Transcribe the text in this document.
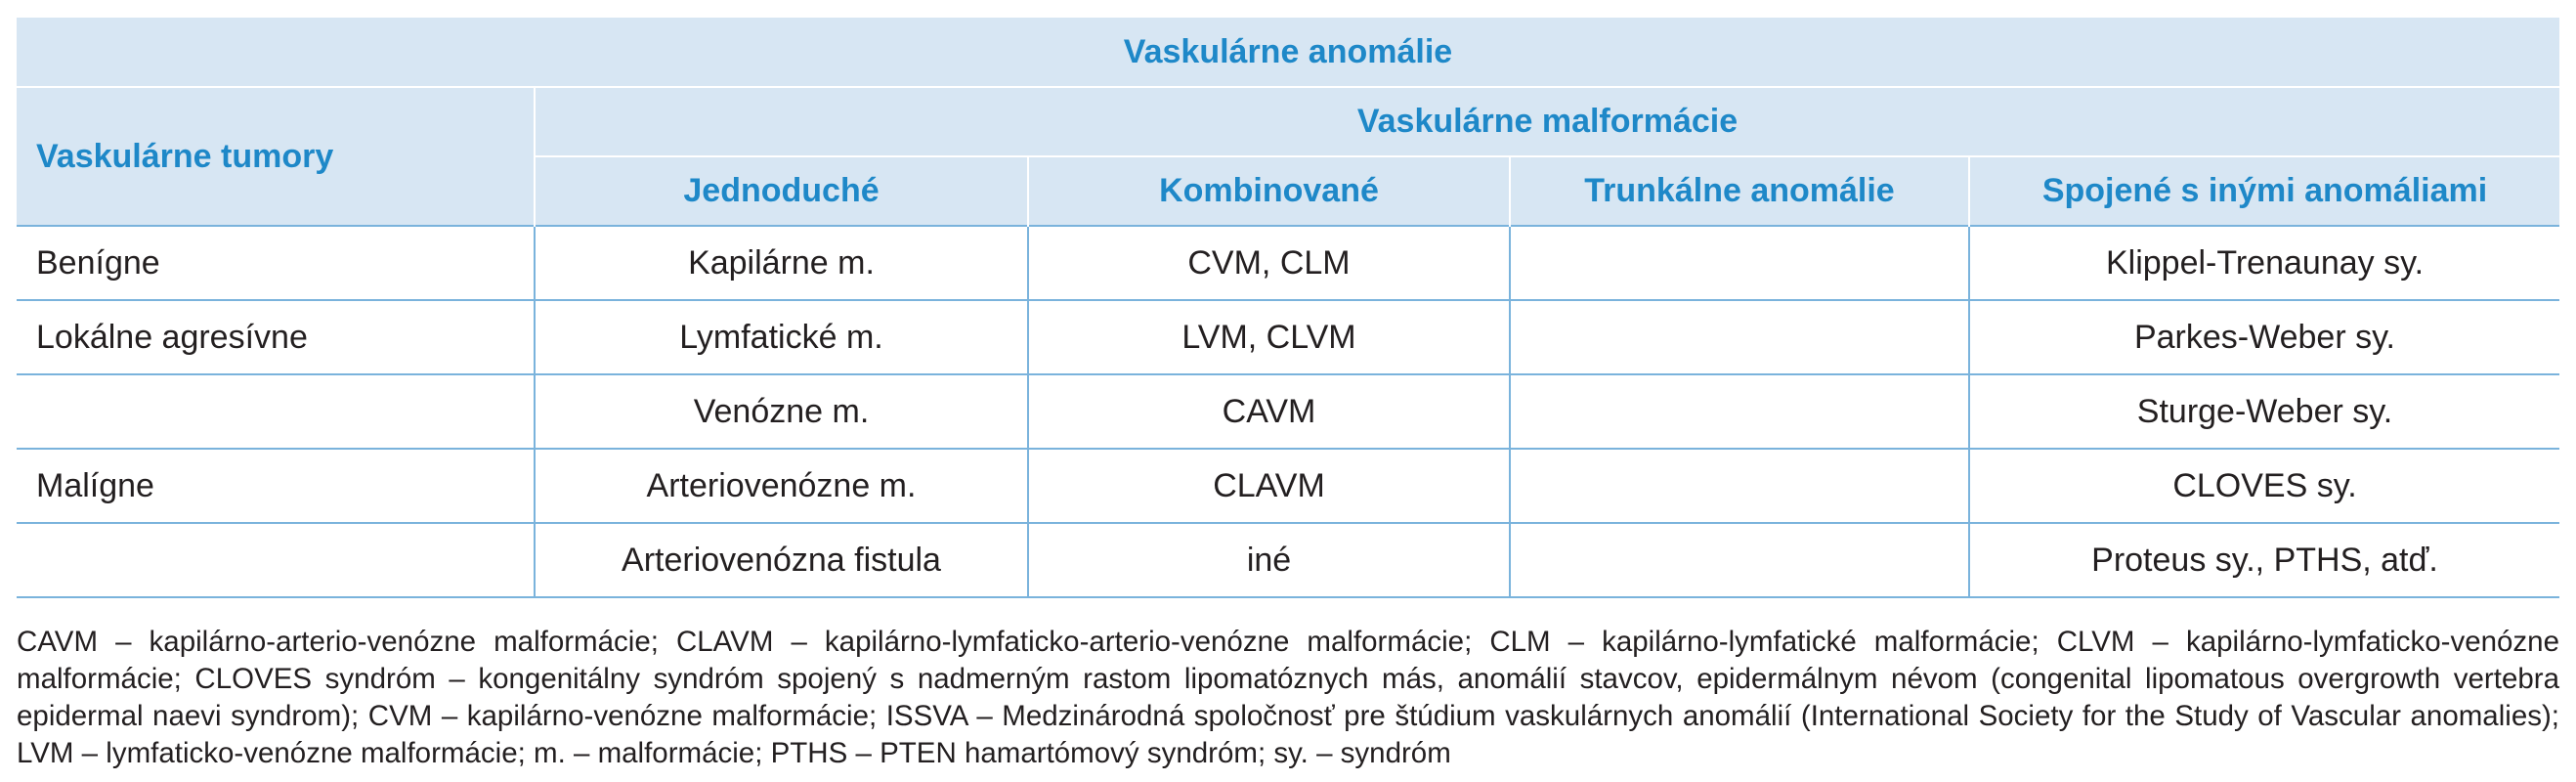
Vaskulárne anomálie				
Vaskulárne tumory	Vaskulárne malformácie			
	Jednoduché	Kombinované	Trunkálne anomálie	Spojené s inými anomáliami
Benígne	Kapilárne m.	CVM, CLM		Klippel-Trenaunay sy.
Lokálne agresívne	Lymfatické m.	LVM, CLVM		Parkes-Weber sy.
	Venózne m.	CAVM		Sturge-Weber sy.
Malígne	Arteriovenózne m.	CLAVM		CLOVES sy.
	Arteriovenózna fistula	iné		Proteus sy., PTHS, atď.
CAVM – kapilárno-arterio-venózne malformácie; CLAVM – kapilárno-lymfaticko-arterio-venózne malformácie; CLM – kapilárno-lymfatické malformácie; CLVM – kapilárno-lymfaticko-venózne malformácie; CLOVES syndróm – kongenitálny syndróm spojený s nadmerným rastom lipomatóznych más, anomálií stavcov, epidermálnym névom (congenital lipomatous overgrowth vertebra epidermal naevi syndrom); CVM – kapilárno-venózne malformácie; ISSVA – Medzinárodná spoločnosť pre štúdium vaskulárnych anomálií (International Society for the Study of Vascular anomalies); LVM – lymfaticko-venózne malformácie; m. – malformácie; PTHS – PTEN hamartómový syndróm; sy. – syndróm
